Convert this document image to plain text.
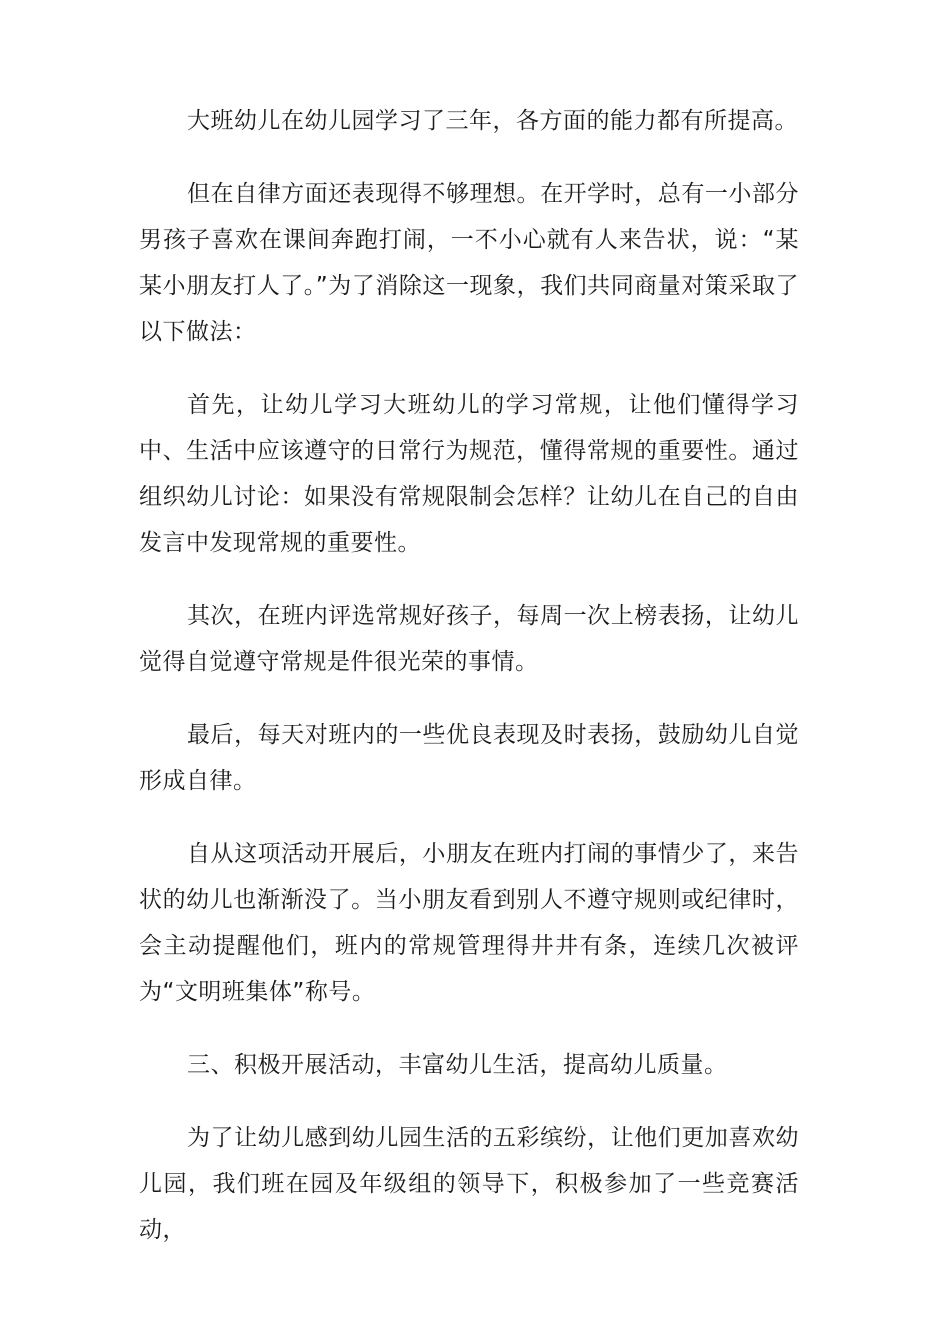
大班幼儿在幼儿园学习了三年，各方面的能力都有所提高。

但在自律方面还表现得不够理想。在开学时，总有一小部分男孩子喜欢在课间奔跑打闹，一不小心就有人来告状，说：“某某小朋友打人了。”为了消除这一现象，我们共同商量对策采取了以下做法：

首先，让幼儿学习大班幼儿的学习常规，让他们懂得学习中、生活中应该遵守的日常行为规范，懂得常规的重要性。通过组织幼儿讨论：如果没有常规限制会怎样？让幼儿在自己的自由发言中发现常规的重要性。

其次，在班内评选常规好孩子，每周一次上榜表扬，让幼儿觉得自觉遵守常规是件很光荣的事情。

最后，每天对班内的一些优良表现及时表扬，鼓励幼儿自觉形成自律。

自从这项活动开展后，小朋友在班内打闹的事情少了，来告状的幼儿也渐渐没了。当小朋友看到别人不遵守规则或纪律时，会主动提醒他们，班内的常规管理得井井有条，连续几次被评为“文明班集体”称号。

三、积极开展活动，丰富幼儿生活，提高幼儿质量。

为了让幼儿感到幼儿园生活的五彩缤纷，让他们更加喜欢幼儿园，我们班在园及年级组的领导下，积极参加了一些竞赛活动，
